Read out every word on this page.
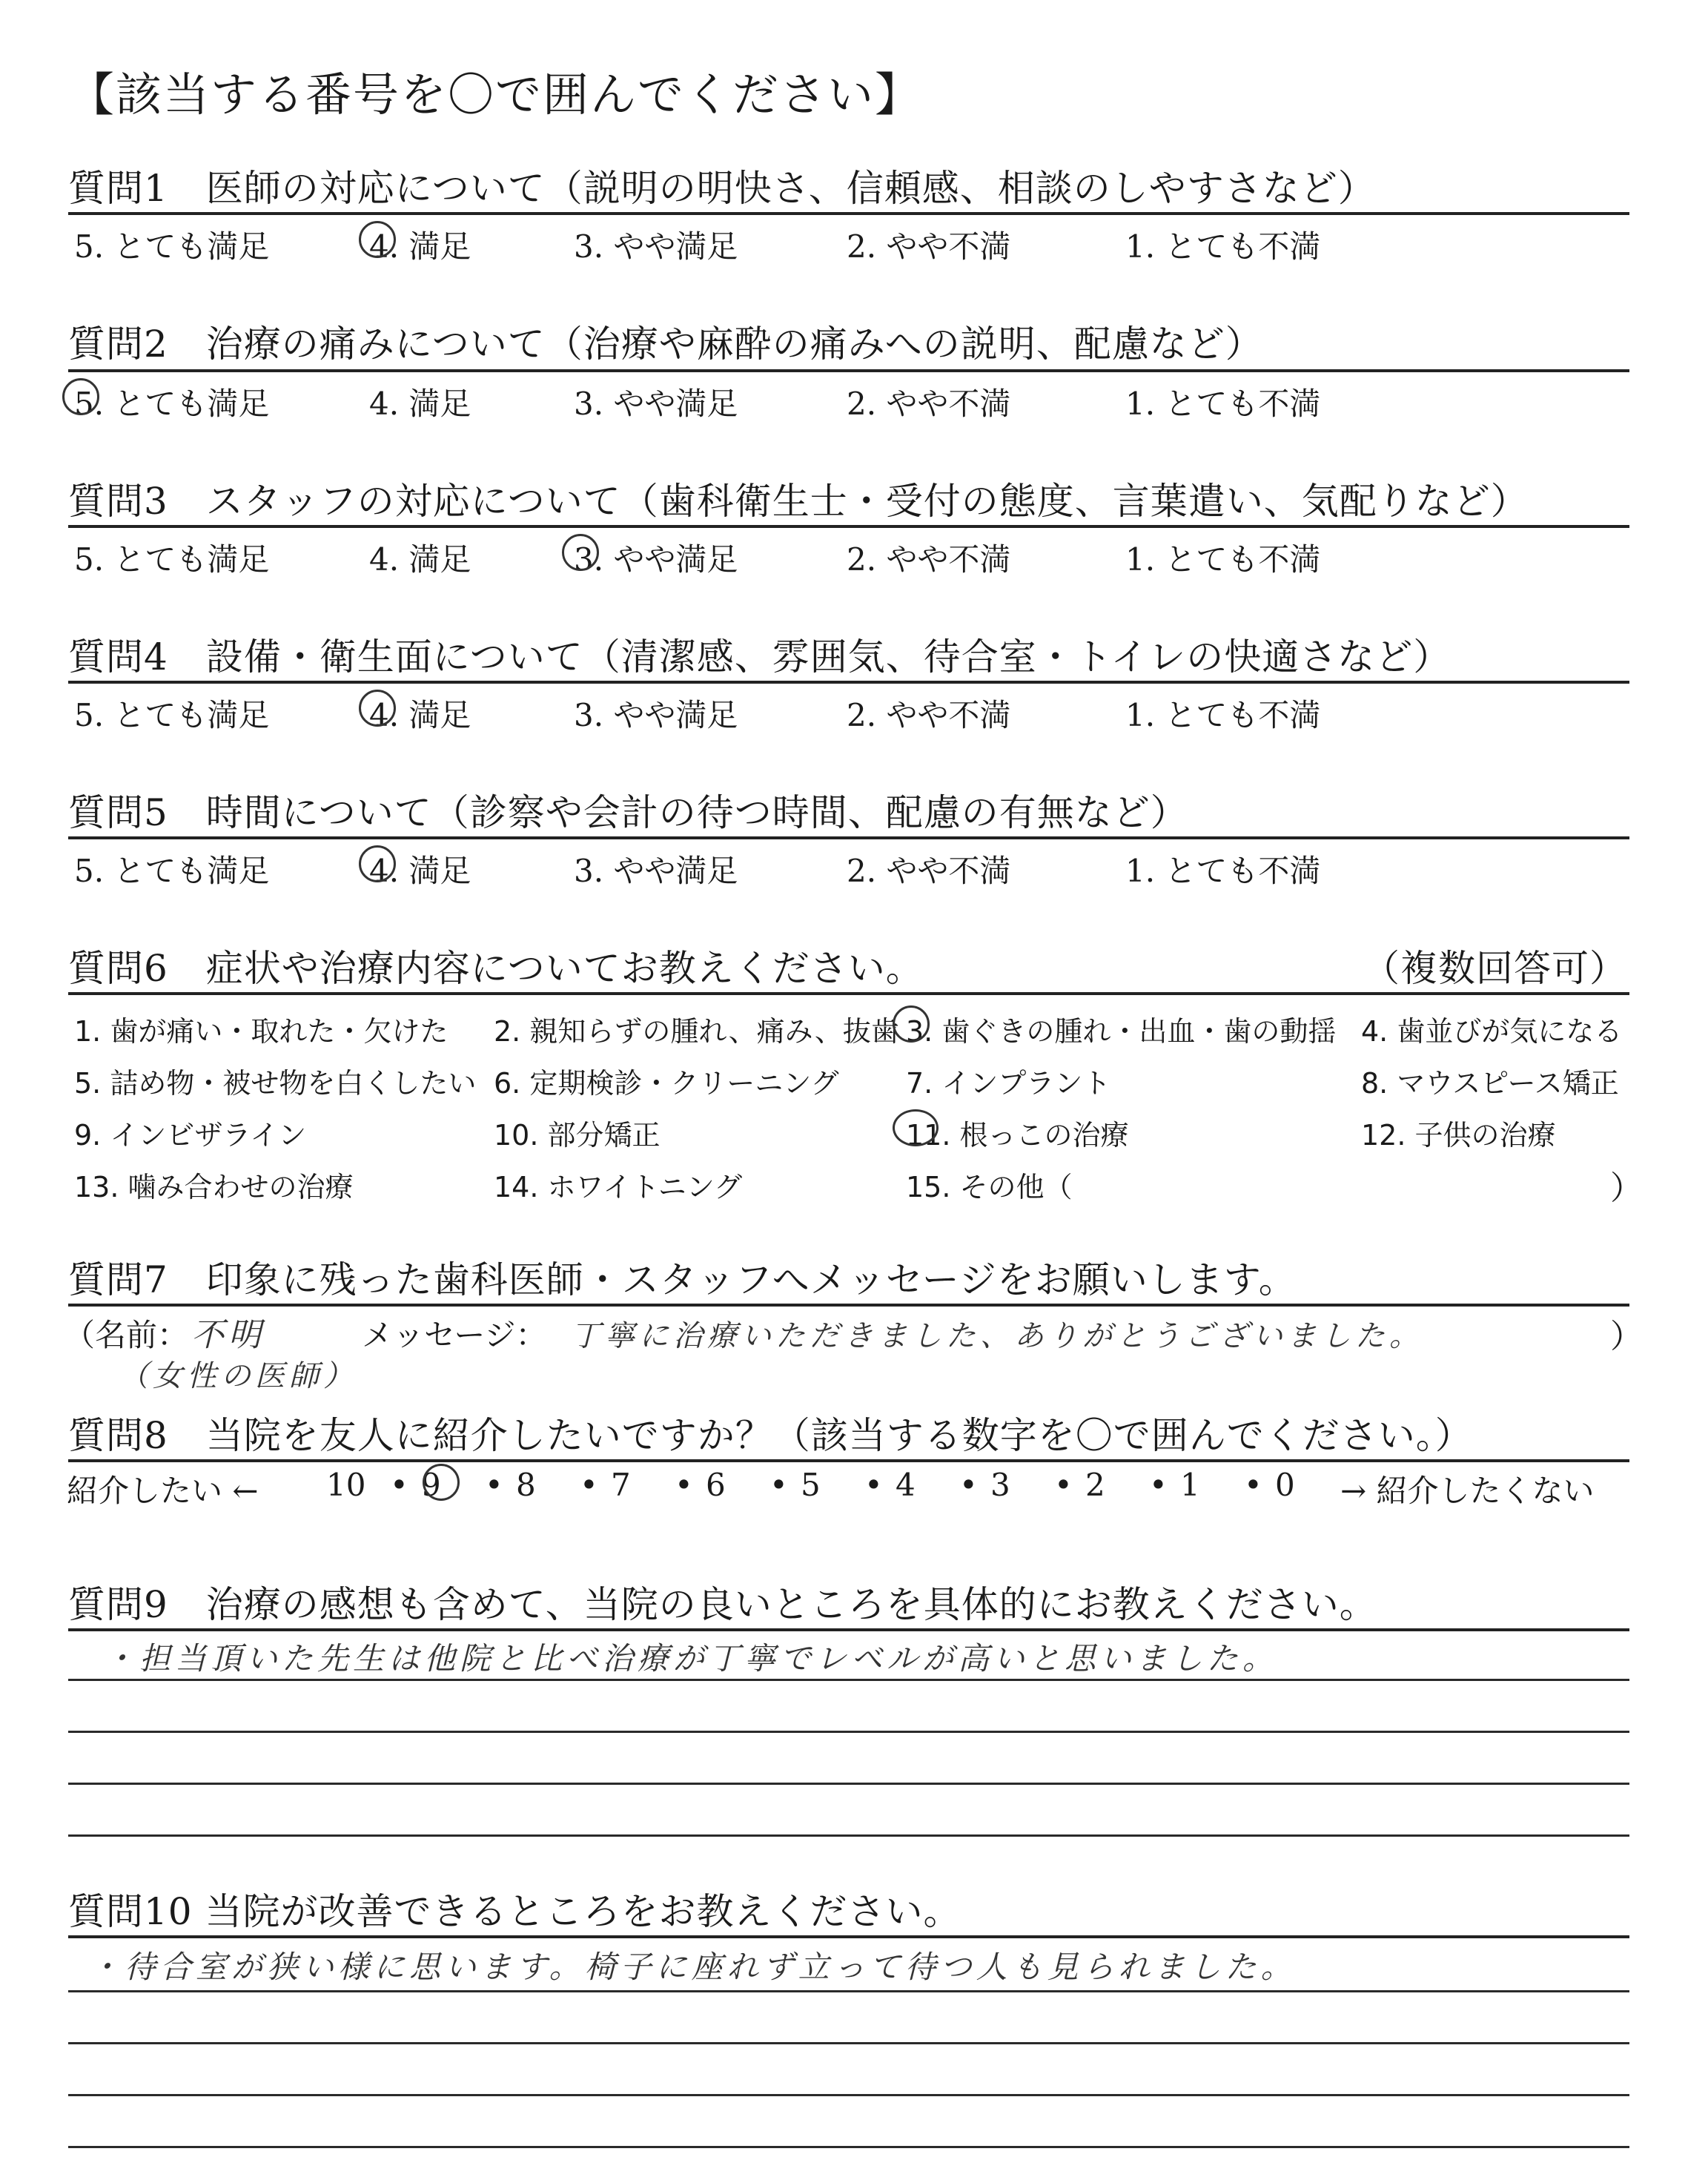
【該当する番号を〇で囲んでください】
質問1　医師の対応について（説明の明快さ、信頼感、相談のしやすさなど）
5. とても満足	4. 満足	3. やや満足	2. やや不満	1. とても不満
質問2　治療の痛みについて（治療や麻酔の痛みへの説明、配慮など）
5. とても満足	4. 満足	3. やや満足	2. やや不満	1. とても不満
質問3　スタッフの対応について（歯科衛生士・受付の態度、言葉遣い、気配りなど）
5. とても満足	4. 満足	3. やや満足	2. やや不満	1. とても不満
質問4　設備・衛生面について（清潔感、雰囲気、待合室・トイレの快適さなど）
5. とても満足	4. 満足	3. やや満足	2. やや不満	1. とても不満
質問5　時間について（診察や会計の待つ時間、配慮の有無など）
5. とても満足	4. 満足	3. やや満足	2. やや不満	1. とても不満
質問6　症状や治療内容についてお教えください。	（複数回答可）
1. 歯が痛い・取れた・欠けた 2. 親知らずの腫れ、痛み、抜歯 3. 歯ぐきの腫れ・出血・歯の動揺 4. 歯並びが気になる
5. 詰め物・被せ物を白くしたい 6. 定期検診・クリーニング 7. インプラント	8. マウスピース矯正
9. インビザライン	10. 部分矯正	11. 根っこの治療	12. 子供の治療
13. 噛み合わせの治療	14. ホワイトニング	15. その他（	）
質問7　印象に残った歯科医師・スタッフへメッセージをお願いします。
（名前： 不明
（女性の医師）
メッセージ： 丁寧に治療いただきました、ありがとうございました。	）
質問8　当院を友人に紹介したいですか？（該当する数字を〇で囲んでください。）
紹介したい ← 10 • 9 • 8 • 7 • 6 • 5 • 4 • 3 • 2 • 1 • 0 → 紹介したくない
質問9　治療の感想も含めて、当院の良いところを具体的にお教えください。
・担当頂いた先生は他院と比べ治療が丁寧でレベルが高いと思いました。
質問10 当院が改善できるところをお教えください。
・待合室が狭い様に思います。椅子に座れず立って待つ人も見られました。
